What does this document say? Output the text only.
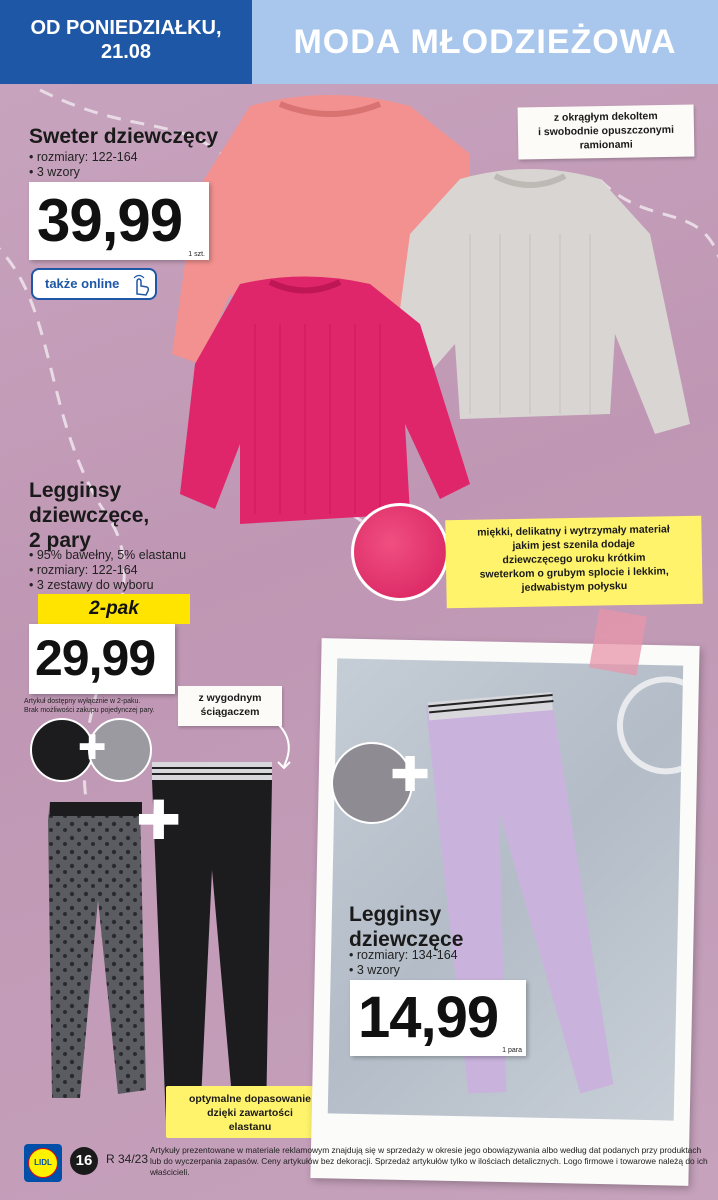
OD PONIEDZIAŁKU,
21.08	MODA MŁODZIEŻOWA
Sweter dziewczęcy
• rozmiary: 122-164
• 3 wzory
39,99
1 szt.
także online
z okrągłym dekoltem
i swobodnie opuszczonymi
ramionami
miękki, delikatny i wytrzymały materiał
jakim jest szenila dodaje
dziewczęcego uroku krótkim
sweterkom o grubym splocie i lekkim,
jedwabistym połysku
Legginsy
dziewczęce,
2 pary
• 95% bawełny, 5% elastanu
• rozmiary: 122-164
• 3 zestawy do wyboru
2-pak
29,99
Artykuł dostępny wyłącznie w 2-paku.
Brak możliwości zakupu pojedynczej pary.
✚
z wygodnym
ściągaczem
✚
optymalne dopasowanie
dzięki zawartości
elastanu
✚
Legginsy
dziewczęce
• rozmiary: 134-164
• 3 wzory
14,99
1 para
LIDL	16	R 34/23
Artykuły prezentowane w materiale reklamowym znajdują się w sprzedaży w okresie jego obowiązywania albo według dat podanych przy produktach lub do wyczerpania zapasów. Ceny artykułów bez dekoracji. Sprzedaż artykułów tylko w ilościach detalicznych. Logo firmowe i towarowe należą do ich właścicieli.
